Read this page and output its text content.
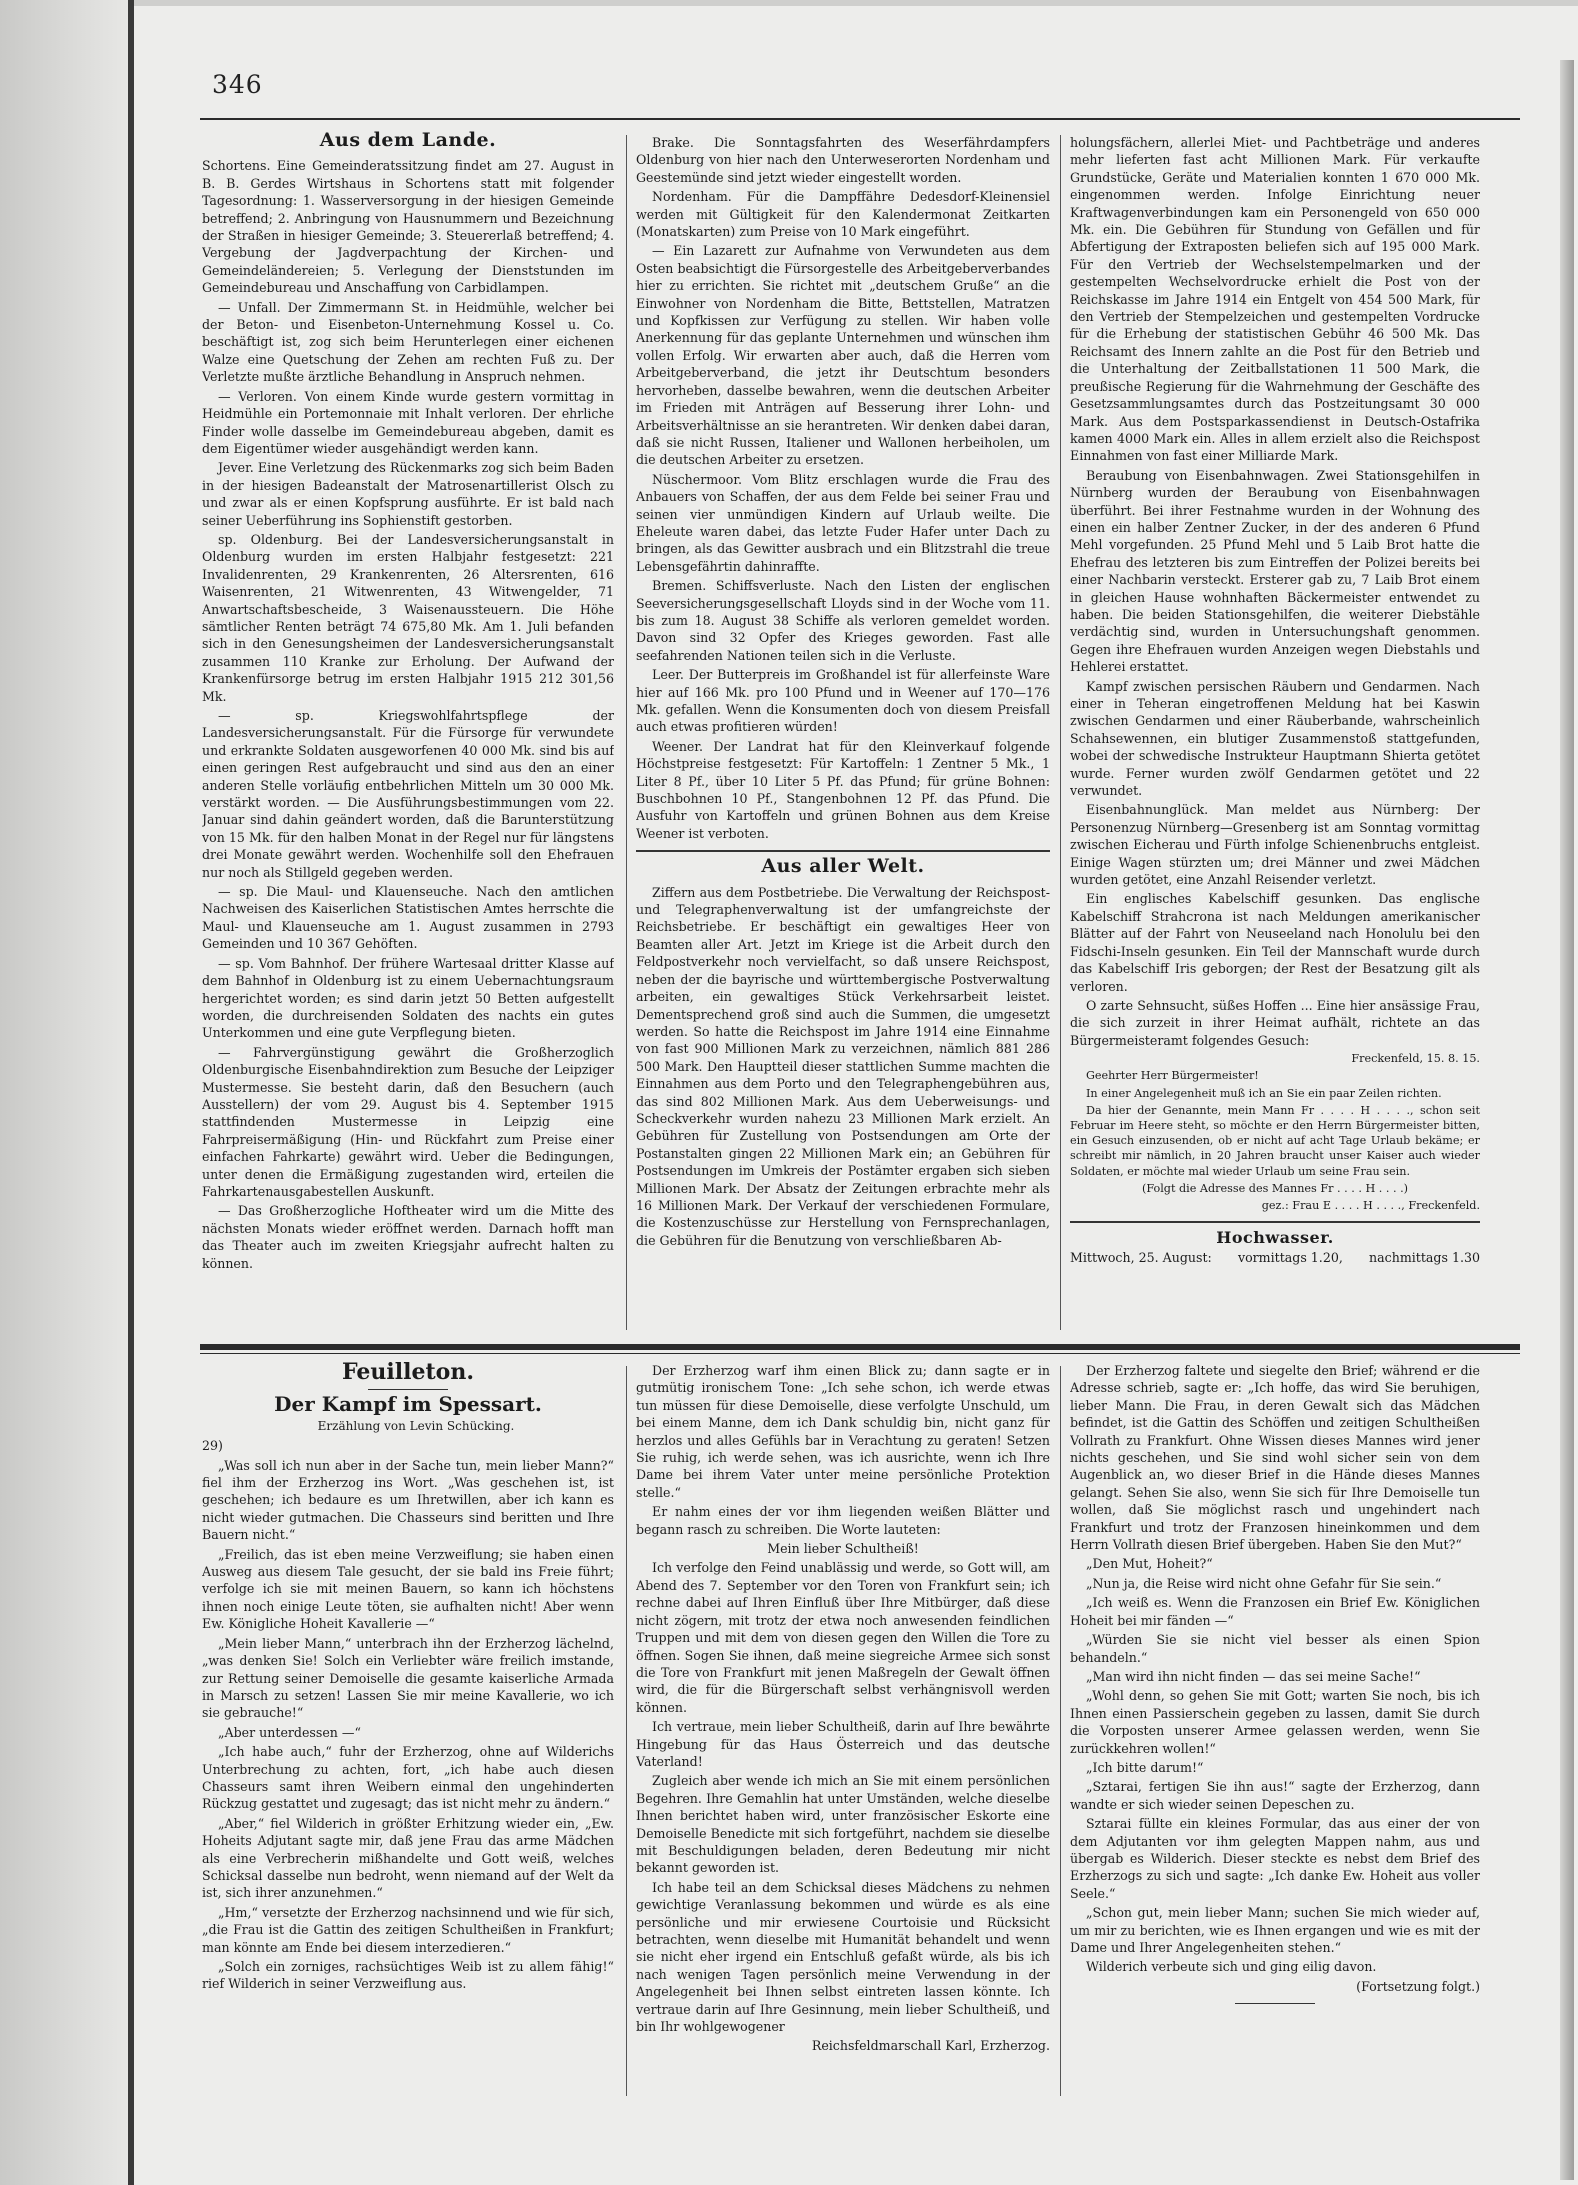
346
Aus dem Lande.

Schortens. Eine Gemeinderatssitzung findet am 27. August in B. B. Gerdes Wirtshaus in Schortens statt mit folgender Tagesordnung: 1. Wasserversorgung in der hiesigen Gemeinde betreffend; 2. Anbringung von Hausnummern und Bezeichnung der Straßen in hiesiger Gemeinde; 3. Steuererlaß betreffend; 4. Vergebung der Jagdverpachtung der Kirchen- und Gemeindeländereien; 5. Verlegung der Dienststunden im Gemeindebureau und Anschaffung von Carbidlampen.

— Unfall. Der Zimmermann St. in Heidmühle, welcher bei der Beton- und Eisenbeton-Unternehmung Kossel u. Co. beschäftigt ist, zog sich beim Herunterlegen einer eichenen Walze eine Quetschung der Zehen am rechten Fuß zu. Der Verletzte mußte ärztliche Behandlung in Anspruch nehmen.

— Verloren. Von einem Kinde wurde gestern vormittag in Heidmühle ein Portemonnaie mit Inhalt verloren. Der ehrliche Finder wolle dasselbe im Gemeindebureau abgeben, damit es dem Eigentümer wieder ausgehändigt werden kann.

Jever. Eine Verletzung des Rückenmarks zog sich beim Baden in der hiesigen Badeanstalt der Matrosenartillerist Olsch zu und zwar als er einen Kopfsprung ausführte. Er ist bald nach seiner Ueberführung ins Sophienstift gestorben.

sp. Oldenburg. Bei der Landesversicherungsanstalt in Oldenburg wurden im ersten Halbjahr festgesetzt: 221 Invalidenrenten, 29 Krankenrenten, 26 Altersrenten, 616 Waisenrenten, 21 Witwenrenten, 43 Witwengelder, 71 Anwartschaftsbescheide, 3 Waisenaussteuern. Die Höhe sämtlicher Renten beträgt 74 675,80 Mk. Am 1. Juli befanden sich in den Genesungsheimen der Landesversicherungsanstalt zusammen 110 Kranke zur Erholung. Der Aufwand der Krankenfürsorge betrug im ersten Halbjahr 1915 212 301,56 Mk.

— sp. Kriegswohlfahrtspflege der Landesversicherungsanstalt. Für die Fürsorge für verwundete und erkrankte Soldaten ausgeworfenen 40 000 Mk. sind bis auf einen geringen Rest aufgebraucht und sind aus den an einer anderen Stelle vorläufig entbehrlichen Mitteln um 30 000 Mk. verstärkt worden. — Die Ausführungsbestimmungen vom 22. Januar sind dahin geändert worden, daß die Barunterstützung von 15 Mk. für den halben Monat in der Regel nur für längstens drei Monate gewährt werden. Wochenhilfe soll den Ehefrauen nur noch als Stillgeld gegeben werden.

— sp. Die Maul- und Klauenseuche. Nach den amtlichen Nachweisen des Kaiserlichen Statistischen Amtes herrschte die Maul- und Klauenseuche am 1. August zusammen in 2793 Gemeinden und 10 367 Gehöften.

— sp. Vom Bahnhof. Der frühere Wartesaal dritter Klasse auf dem Bahnhof in Oldenburg ist zu einem Uebernachtungsraum hergerichtet worden; es sind darin jetzt 50 Betten aufgestellt worden, die durchreisenden Soldaten des nachts ein gutes Unterkommen und eine gute Verpflegung bieten.

— Fahrvergünstigung gewährt die Großherzoglich Oldenburgische Eisenbahndirektion zum Besuche der Leipziger Mustermesse. Sie besteht darin, daß den Besuchern (auch Ausstellern) der vom 29. August bis 4. September 1915 stattfindenden Mustermesse in Leipzig eine Fahrpreisermäßigung (Hin- und Rückfahrt zum Preise einer einfachen Fahrkarte) gewährt wird. Ueber die Bedingungen, unter denen die Ermäßigung zugestanden wird, erteilen die Fahrkartenausgabestellen Auskunft.

— Das Großherzogliche Hoftheater wird um die Mitte des nächsten Monats wieder eröffnet werden. Darnach hofft man das Theater auch im zweiten Kriegsjahr aufrecht halten zu können.

Brake. Die Sonntagsfahrten des Weserfährdampfers Oldenburg von hier nach den Unterweserorten Nordenham und Geestemünde sind jetzt wieder eingestellt worden.

Nordenham. Für die Dampffähre Dedesdorf-Kleinensiel werden mit Gültigkeit für den Kalendermonat Zeitkarten (Monatskarten) zum Preise von 10 Mark eingeführt.

— Ein Lazarett zur Aufnahme von Verwundeten aus dem Osten beabsichtigt die Fürsorgestelle des Arbeitgeberverbandes hier zu errichten. Sie richtet mit „deutschem Gruße“ an die Einwohner von Nordenham die Bitte, Bettstellen, Matratzen und Kopfkissen zur Verfügung zu stellen. Wir haben volle Anerkennung für das geplante Unternehmen und wünschen ihm vollen Erfolg. Wir erwarten aber auch, daß die Herren vom Arbeitgeberverband, die jetzt ihr Deutschtum besonders hervorheben, dasselbe bewahren, wenn die deutschen Arbeiter im Frieden mit Anträgen auf Besserung ihrer Lohn- und Arbeitsverhältnisse an sie herantreten. Wir denken dabei daran, daß sie nicht Russen, Italiener und Wallonen herbeiholen, um die deutschen Arbeiter zu ersetzen.

Nüschermoor. Vom Blitz erschlagen wurde die Frau des Anbauers von Schaffen, der aus dem Felde bei seiner Frau und seinen vier unmündigen Kindern auf Urlaub weilte. Die Eheleute waren dabei, das letzte Fuder Hafer unter Dach zu bringen, als das Gewitter ausbrach und ein Blitzstrahl die treue Lebensgefährtin dahinraffte.

Bremen. Schiffsverluste. Nach den Listen der englischen Seeversicherungsgesellschaft Lloyds sind in der Woche vom 11. bis zum 18. August 38 Schiffe als verloren gemeldet worden. Davon sind 32 Opfer des Krieges geworden. Fast alle seefahrenden Nationen teilen sich in die Verluste.

Leer. Der Butterpreis im Großhandel ist für allerfeinste Ware hier auf 166 Mk. pro 100 Pfund und in Weener auf 170—176 Mk. gefallen. Wenn die Konsumenten doch von diesem Preisfall auch etwas profitieren würden!

Weener. Der Landrat hat für den Kleinverkauf folgende Höchstpreise festgesetzt: Für Kartoffeln: 1 Zentner 5 Mk., 1 Liter 8 Pf., über 10 Liter 5 Pf. das Pfund; für grüne Bohnen: Buschbohnen 10 Pf., Stangenbohnen 12 Pf. das Pfund. Die Ausfuhr von Kartoffeln und grünen Bohnen aus dem Kreise Weener ist verboten.

Aus aller Welt.

Ziffern aus dem Postbetriebe. Die Verwaltung der Reichspost- und Telegraphenverwaltung ist der umfangreichste der Reichsbetriebe. Er beschäftigt ein gewaltiges Heer von Beamten aller Art. Jetzt im Kriege ist die Arbeit durch den Feldpostverkehr noch vervielfacht, so daß unsere Reichspost, neben der die bayrische und württembergische Postverwaltung arbeiten, ein gewaltiges Stück Verkehrsarbeit leistet. Dementsprechend groß sind auch die Summen, die umgesetzt werden. So hatte die Reichspost im Jahre 1914 eine Einnahme von fast 900 Millionen Mark zu verzeichnen, nämlich 881 286 500 Mark. Den Hauptteil dieser stattlichen Summe machten die Einnahmen aus dem Porto und den Telegraphengebühren aus, das sind 802 Millionen Mark. Aus dem Ueberweisungs- und Scheckverkehr wurden nahezu 23 Millionen Mark erzielt. An Gebühren für Zustellung von Postsendungen am Orte der Postanstalten gingen 22 Millionen Mark ein; an Gebühren für Postsendungen im Umkreis der Postämter ergaben sich sieben Millionen Mark. Der Absatz der Zeitungen erbrachte mehr als 16 Millionen Mark. Der Verkauf der verschiedenen Formulare, die Kostenzuschüsse zur Herstellung von Fernsprechanlagen, die Gebühren für die Benutzung von verschließbaren Ab-

holungsfächern, allerlei Miet- und Pachtbeträge und anderes mehr lieferten fast acht Millionen Mark. Für verkaufte Grundstücke, Geräte und Materialien konnten 1 670 000 Mk. eingenommen werden. Infolge Einrichtung neuer Kraftwagenverbindungen kam ein Personengeld von 650 000 Mk. ein. Die Gebühren für Stundung von Gefällen und für Abfertigung der Extraposten beliefen sich auf 195 000 Mark. Für den Vertrieb der Wechselstempelmarken und der gestempelten Wechselvordrucke erhielt die Post von der Reichskasse im Jahre 1914 ein Entgelt von 454 500 Mark, für den Vertrieb der Stempelzeichen und gestempelten Vordrucke für die Erhebung der statistischen Gebühr 46 500 Mk. Das Reichsamt des Innern zahlte an die Post für den Betrieb und die Unterhaltung der Zeitballstationen 11 500 Mark, die preußische Regierung für die Wahrnehmung der Geschäfte des Gesetzsammlungsamtes durch das Postzeitungsamt 30 000 Mark. Aus dem Postsparkassendienst in Deutsch-Ostafrika kamen 4000 Mark ein. Alles in allem erzielt also die Reichspost Einnahmen von fast einer Milliarde Mark.

Beraubung von Eisenbahnwagen. Zwei Stationsgehilfen in Nürnberg wurden der Beraubung von Eisenbahnwagen überführt. Bei ihrer Festnahme wurden in der Wohnung des einen ein halber Zentner Zucker, in der des anderen 6 Pfund Mehl vorgefunden. 25 Pfund Mehl und 5 Laib Brot hatte die Ehefrau des letzteren bis zum Eintreffen der Polizei bereits bei einer Nachbarin versteckt. Ersterer gab zu, 7 Laib Brot einem in gleichen Hause wohnhaften Bäckermeister entwendet zu haben. Die beiden Stationsgehilfen, die weiterer Diebstähle verdächtig sind, wurden in Untersuchungshaft genommen. Gegen ihre Ehefrauen wurden Anzeigen wegen Diebstahls und Hehlerei erstattet.

Kampf zwischen persischen Räubern und Gendarmen. Nach einer in Teheran eingetroffenen Meldung hat bei Kaswin zwischen Gendarmen und einer Räuberbande, wahrscheinlich Schahsewennen, ein blutiger Zusammenstoß stattgefunden, wobei der schwedische Instrukteur Hauptmann Shierta getötet wurde. Ferner wurden zwölf Gendarmen getötet und 22 verwundet.

Eisenbahnunglück. Man meldet aus Nürnberg: Der Personenzug Nürnberg—Gresenberg ist am Sonntag vormittag zwischen Eicherau und Fürth infolge Schienenbruchs entgleist. Einige Wagen stürzten um; drei Männer und zwei Mädchen wurden getötet, eine Anzahl Reisender verletzt.

Ein englisches Kabelschiff gesunken. Das englische Kabelschiff Strahcrona ist nach Meldungen amerikanischer Blätter auf der Fahrt von Neuseeland nach Honolulu bei den Fidschi-Inseln gesunken. Ein Teil der Mannschaft wurde durch das Kabelschiff Iris geborgen; der Rest der Besatzung gilt als verloren.

O zarte Sehnsucht, süßes Hoffen ... Eine hier ansässige Frau, die sich zurzeit in ihrer Heimat aufhält, richtete an das Bürgermeisteramt folgendes Gesuch:

Freckenfeld, 15. 8. 15.

Geehrter Herr Bürgermeister!

In einer Angelegenheit muß ich an Sie ein paar Zeilen richten.

Da hier der Genannte, mein Mann Fr . . . . H . . . ., schon seit Februar im Heere steht, so möchte er den Herrn Bürgermeister bitten, ein Gesuch einzusenden, ob er nicht auf acht Tage Urlaub bekäme; er schreibt mir nämlich, in 20 Jahren braucht unser Kaiser auch wieder Soldaten, er möchte mal wieder Urlaub um seine Frau sein.

(Folgt die Adresse des Mannes Fr . . . . H . . . .)

gez.: Frau E . . . . H . . . ., Freckenfeld.

Hochwasser.
Mittwoch, 25. August: vormittags 1.20, nachmittags 1.30
Feuilleton.
Der Kampf im Spessart.

Erzählung von Levin Schücking.

29)

„Was soll ich nun aber in der Sache tun, mein lieber Mann?“ fiel ihm der Erzherzog ins Wort. „Was geschehen ist, ist geschehen; ich bedaure es um Ihretwillen, aber ich kann es nicht wieder gutmachen. Die Chasseurs sind beritten und Ihre Bauern nicht.“

„Freilich, das ist eben meine Verzweiflung; sie haben einen Ausweg aus diesem Tale gesucht, der sie bald ins Freie führt; verfolge ich sie mit meinen Bauern, so kann ich höchstens ihnen noch einige Leute töten, sie aufhalten nicht! Aber wenn Ew. Königliche Hoheit Kavallerie —“

„Mein lieber Mann,“ unterbrach ihn der Erzherzog lächelnd, „was denken Sie! Solch ein Verliebter wäre freilich imstande, zur Rettung seiner Demoiselle die gesamte kaiserliche Armada in Marsch zu setzen! Lassen Sie mir meine Kavallerie, wo ich sie gebrauche!“

„Aber unterdessen —“

„Ich habe auch,“ fuhr der Erzherzog, ohne auf Wilderichs Unterbrechung zu achten, fort, „ich habe auch diesen Chasseurs samt ihren Weibern einmal den ungehinderten Rückzug gestattet und zugesagt; das ist nicht mehr zu ändern.“

„Aber,“ fiel Wilderich in größter Erhitzung wieder ein, „Ew. Hoheits Adjutant sagte mir, daß jene Frau das arme Mädchen als eine Verbrecherin mißhandelte und Gott weiß, welches Schicksal dasselbe nun bedroht, wenn niemand auf der Welt da ist, sich ihrer anzunehmen.“

„Hm,“ versetzte der Erzherzog nachsinnend und wie für sich, „die Frau ist die Gattin des zeitigen Schultheißen in Frankfurt; man könnte am Ende bei diesem interzedieren.“

„Solch ein zorniges, rachsüchtiges Weib ist zu allem fähig!“ rief Wilderich in seiner Verzweiflung aus.

Der Erzherzog warf ihm einen Blick zu; dann sagte er in gutmütig ironischem Tone: „Ich sehe schon, ich werde etwas tun müssen für diese Demoiselle, diese verfolgte Unschuld, um bei einem Manne, dem ich Dank schuldig bin, nicht ganz für herzlos und alles Gefühls bar in Verachtung zu geraten! Setzen Sie ruhig, ich werde sehen, was ich ausrichte, wenn ich Ihre Dame bei ihrem Vater unter meine persönliche Protektion stelle.“

Er nahm eines der vor ihm liegenden weißen Blätter und begann rasch zu schreiben. Die Worte lauteten:

Mein lieber Schultheiß!

Ich verfolge den Feind unablässig und werde, so Gott will, am Abend des 7. September vor den Toren von Frankfurt sein; ich rechne dabei auf Ihren Einfluß über Ihre Mitbürger, daß diese nicht zögern, mit trotz der etwa noch anwesenden feindlichen Truppen und mit dem von diesen gegen den Willen die Tore zu öffnen. Sogen Sie ihnen, daß meine siegreiche Armee sich sonst die Tore von Frankfurt mit jenen Maßregeln der Gewalt öffnen wird, die für die Bürgerschaft selbst verhängnisvoll werden können.

Ich vertraue, mein lieber Schultheiß, darin auf Ihre bewährte Hingebung für das Haus Österreich und das deutsche Vaterland!

Zugleich aber wende ich mich an Sie mit einem persönlichen Begehren. Ihre Gemahlin hat unter Umständen, welche dieselbe Ihnen berichtet haben wird, unter französischer Eskorte eine Demoiselle Benedicte mit sich fortgeführt, nachdem sie dieselbe mit Beschuldigungen beladen, deren Bedeutung mir nicht bekannt geworden ist.

Ich habe teil an dem Schicksal dieses Mädchens zu nehmen gewichtige Veranlassung bekommen und würde es als eine persönliche und mir erwiesene Courtoisie und Rücksicht betrachten, wenn dieselbe mit Humanität behandelt und wenn sie nicht eher irgend ein Entschluß gefaßt würde, als bis ich nach wenigen Tagen persönlich meine Verwendung in der Angelegenheit bei Ihnen selbst eintreten lassen könnte. Ich vertraue darin auf Ihre Gesinnung, mein lieber Schultheiß, und bin Ihr wohlgewogener

Reichsfeldmarschall Karl, Erzherzog.

Der Erzherzog faltete und siegelte den Brief; während er die Adresse schrieb, sagte er: „Ich hoffe, das wird Sie beruhigen, lieber Mann. Die Frau, in deren Gewalt sich das Mädchen befindet, ist die Gattin des Schöffen und zeitigen Schultheißen Vollrath zu Frankfurt. Ohne Wissen dieses Mannes wird jener nichts geschehen, und Sie sind wohl sicher sein von dem Augenblick an, wo dieser Brief in die Hände dieses Mannes gelangt. Sehen Sie also, wenn Sie sich für Ihre Demoiselle tun wollen, daß Sie möglichst rasch und ungehindert nach Frankfurt und trotz der Franzosen hineinkommen und dem Herrn Vollrath diesen Brief übergeben. Haben Sie den Mut?“

„Den Mut, Hoheit?“

„Nun ja, die Reise wird nicht ohne Gefahr für Sie sein.“

„Ich weiß es. Wenn die Franzosen ein Brief Ew. Königlichen Hoheit bei mir fänden —“

„Würden Sie sie nicht viel besser als einen Spion behandeln.“

„Man wird ihn nicht finden — das sei meine Sache!“

„Wohl denn, so gehen Sie mit Gott; warten Sie noch, bis ich Ihnen einen Passierschein gegeben zu lassen, damit Sie durch die Vorposten unserer Armee gelassen werden, wenn Sie zurückkehren wollen!“

„Ich bitte darum!“

„Sztarai, fertigen Sie ihn aus!“ sagte der Erzherzog, dann wandte er sich wieder seinen Depeschen zu.

Sztarai füllte ein kleines Formular, das aus einer der von dem Adjutanten vor ihm gelegten Mappen nahm, aus und übergab es Wilderich. Dieser steckte es nebst dem Brief des Erzherzogs zu sich und sagte: „Ich danke Ew. Hoheit aus voller Seele.“

„Schon gut, mein lieber Mann; suchen Sie mich wieder auf, um mir zu berichten, wie es Ihnen ergangen und wie es mit der Dame und Ihrer Angelegenheiten stehen.“

Wilderich verbeute sich und ging eilig davon.

(Fortsetzung folgt.)
